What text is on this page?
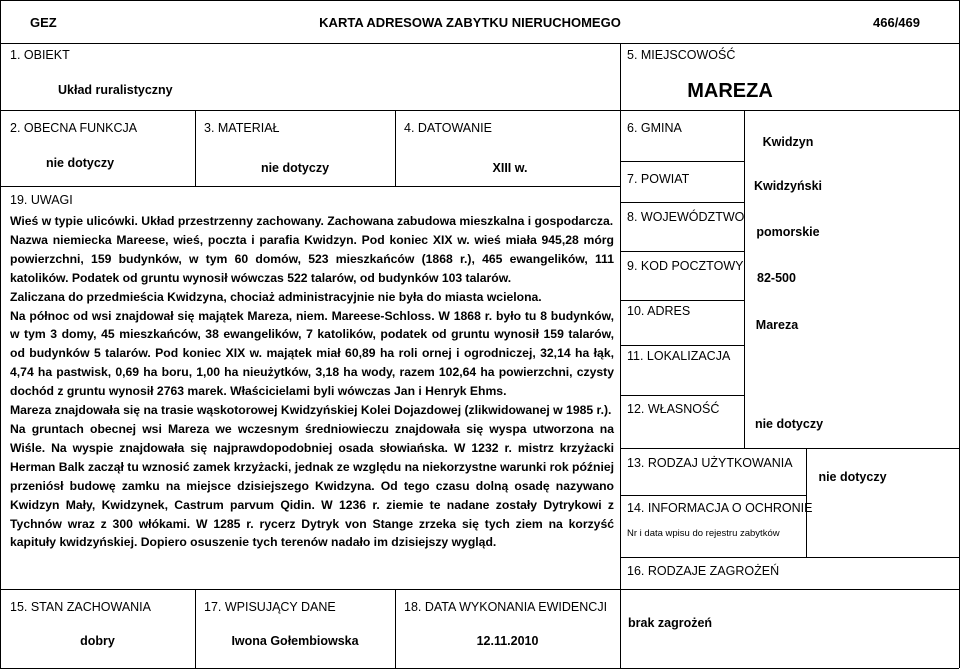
GEZ	KARTA ADRESOWA ZABYTKU NIERUCHOMEGO	466/469
1. OBIEKT
Układ ruralistyczny
5. MIEJSCOWOŚĆ
MAREZA
2. OBECNA FUNKCJA
nie dotyczy
3. MATERIAŁ
nie dotyczy
4. DATOWANIE
XIII w.
19. UWAGI

Wieś w typie ulicówki. Układ przestrzenny zachowany. Zachowana zabudowa mieszkalna i gospodarcza.

Nazwa niemiecka Mareese, wieś, poczta i parafia Kwidzyn. Pod koniec XIX w. wieś miała 945,28 mórg powierzchni, 159 budynków, w tym 60 domów, 523 mieszkańców (1868 r.), 465 ewangelików, 111 katolików. Podatek od gruntu wynosił wówczas 522 talarów, od budynków 103 talarów.

Zaliczana do przedmieścia Kwidzyna, chociaż administracyjnie nie była do miasta wcielona.

Na północ od wsi znajdował się majątek Mareza, niem. Mareese-Schloss. W 1868 r. było tu 8 budynków, w tym 3 domy, 45 mieszkańców, 38 ewangelików, 7 katolików, podatek od gruntu wynosił 159 talarów, od budynków 5 talarów. Pod koniec XIX w. majątek miał 60,89 ha roli ornej i ogrodniczej, 32,14 ha łąk, 4,74 ha pastwisk, 0,69 ha boru, 1,00 ha nieużytków, 3,18 ha wody, razem 102,64 ha powierzchni, czysty dochód z gruntu wynosił 2763 marek. Właścicielami byli wówczas Jan i Henryk Ehms.

Mareza znajdowała się na trasie wąskotorowej Kwidzyńskiej Kolei Dojazdowej (zlikwidowanej w 1985 r.).

Na gruntach obecnej wsi Mareza we wczesnym średniowieczu znajdowała się wyspa utworzona na Wiśle. Na wyspie znajdowała się najprawdopodobniej osada słowiańska. W 1232 r. mistrz krzyżacki Herman Balk zaczął tu wznosić zamek krzyżacki, jednak ze względu na niekorzystne warunki rok później przeniósł budowę zamku na miejsce dzisiejszego Kwidzyna. Od tego czasu dolną osadę nazywano Kwidzyn Mały, Kwidzynek, Castrum parvum Qidin. W 1236 r. ziemie te nadane zostały Dytrykowi z Tychnów wraz z 300 włókami. W 1285 r. rycerz Dytryk von Stange zrzeka się tych ziem na korzyść kapituły kwidzyńskiej. Dopiero osuszenie tych terenów nadało im dzisiejszy wygląd.

6. GMINA
Kwidzyn
7. POWIAT	Kwidzyński
8. WOJEWÓDZTWO
pomorskie
9. KOD POCZTOWY
82-500
10. ADRES
Mareza
11. LOKALIZACJA
12. WŁASNOŚĆ
nie dotyczy
13. RODZAJ UŻYTKOWANIA
nie dotyczy
14. INFORMACJA O OCHRONIE
Nr i data wpisu do rejestru zabytków
16. RODZAJE ZAGROŻEŃ
brak zagrożeń
15. STAN ZACHOWANIA
dobry
17. WPISUJĄCY DANE
Iwona Gołembiowska
18. DATA WYKONANIA EWIDENCJI
12.11.2010
